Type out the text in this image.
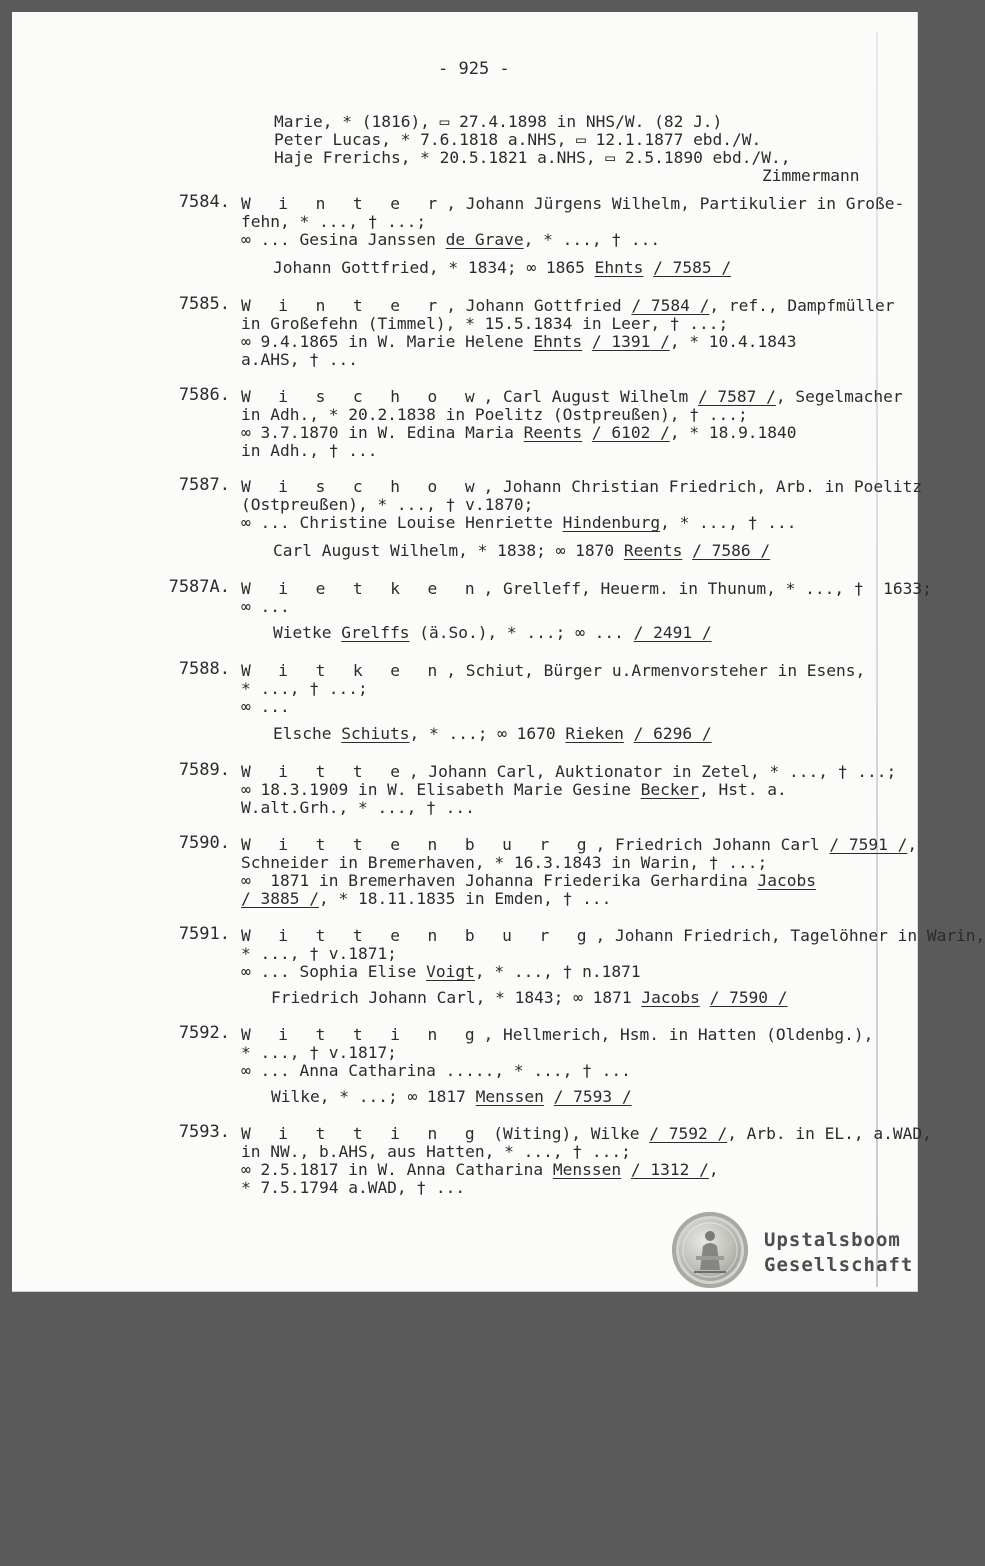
- 925 -

Marie, * (1816), ▭ 27.4.1898 in NHS/W. (82 J.)

Peter Lucas, * 7.6.1818 a.NHS, ▭ 12.1.1877 ebd./W.

Haje Frerichs, * 20.5.1821 a.NHS, ▭ 2.5.1890 ebd./W.,

Zimmermann

7584.

W i n t e r, Johann Jürgens Wilhelm, Partikulier in Große-

fehn, * ..., † ...;

∞ ... Gesina Janssen de Grave, * ..., † ...

Johann Gottfried, * 1834; ∞ 1865 Ehnts / 7585 /

7585.

W i n t e r, Johann Gottfried / 7584 /, ref., Dampfmüller

in Großefehn (Timmel), * 15.5.1834 in Leer, † ...;

∞ 9.4.1865 in W. Marie Helene Ehnts / 1391 /, * 10.4.1843

a.AHS, † ...

7586.

W i s c h o w, Carl August Wilhelm / 7587 /, Segelmacher

in Adh., * 20.2.1838 in Poelitz (Ostpreußen), † ...;

∞ 3.7.1870 in W. Edina Maria Reents / 6102 /, * 18.9.1840

in Adh., † ...

7587.

W i s c h o w, Johann Christian Friedrich, Arb. in Poelitz

(Ostpreußen), * ..., † v.1870;

∞ ... Christine Louise Henriette Hindenburg, * ..., † ...

Carl August Wilhelm, * 1838; ∞ 1870 Reents / 7586 /

7587A.

W i e t k e n, Grelleff, Heuerm. in Thunum, * ..., †  1633;

∞ ...

Wietke Grelffs (ä.So.), * ...; ∞ ... / 2491 /

7588.

W i t k e n, Schiut, Bürger u.Armenvorsteher in Esens,

* ..., † ...;

∞ ...

Elsche Schiuts, * ...; ∞ 1670 Rieken / 6296 /

7589.

W i t t e, Johann Carl, Auktionator in Zetel, * ..., † ...;

∞ 18.3.1909 in W. Elisabeth Marie Gesine Becker, Hst. a.

W.alt.Grh., * ..., † ...

7590.

W i t t e n b u r g, Friedrich Johann Carl / 7591 /,

Schneider in Bremerhaven, * 16.3.1843 in Warin, † ...;

∞  1871 in Bremerhaven Johanna Friederika Gerhardina Jacobs

/ 3885 /, * 18.11.1835 in Emden, † ...

7591.

W i t t e n b u r g, Johann Friedrich, Tagelöhner in Warin,

* ..., † v.1871;

∞ ... Sophia Elise Voigt, * ..., † n.1871

Friedrich Johann Carl, * 1843; ∞ 1871 Jacobs / 7590 /

7592.

W i t t i n g, Hellmerich, Hsm. in Hatten (Oldenbg.),

* ..., † v.1817;

∞ ... Anna Catharina ....., * ..., † ...

Wilke, * ...; ∞ 1817 Menssen / 7593 /

7593.

W i t t i n g (Witing), Wilke / 7592 /, Arb. in EL., a.WAD,

in NW., b.AHS, aus Hatten, * ..., † ...;

∞ 2.5.1817 in W. Anna Catharina Menssen / 1312 /,

* 7.5.1794 a.WAD, † ...

Upstalsboom
Gesellschaft
